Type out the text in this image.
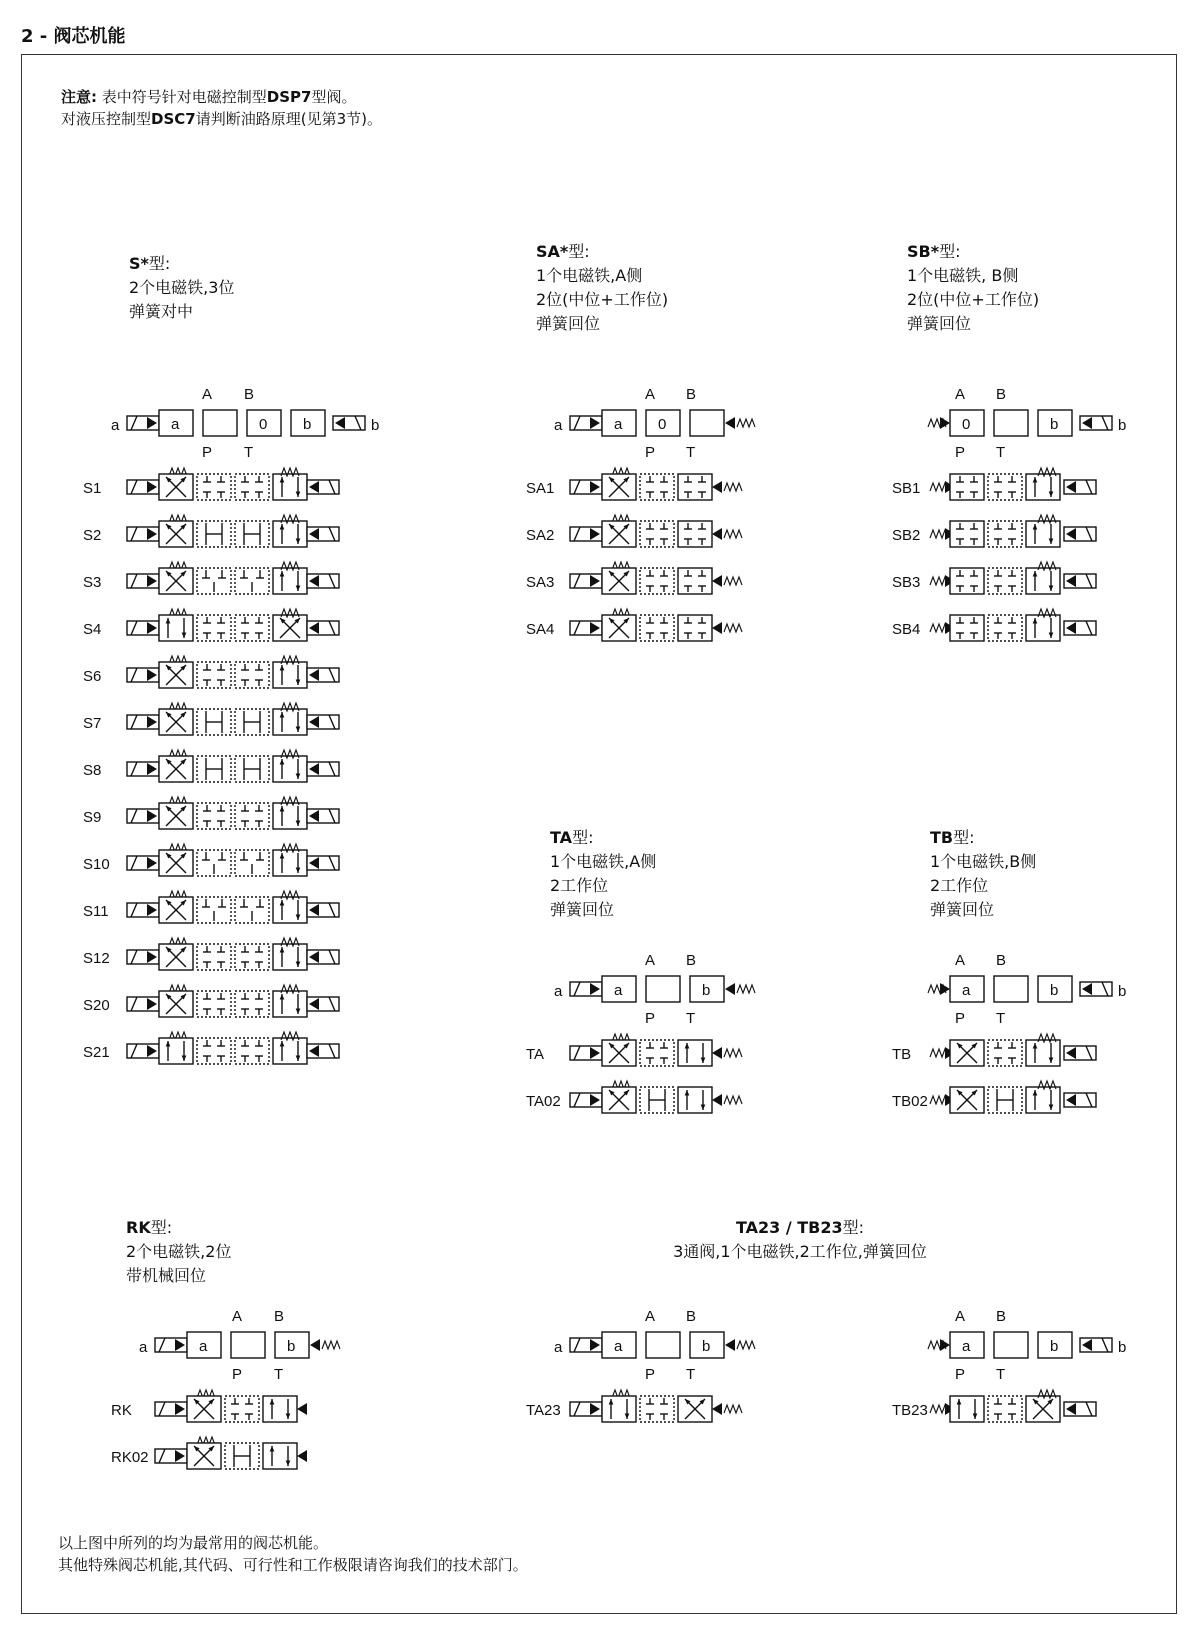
2 - 阀芯机能
注意: 表中符号针对电磁控制型DSP7型阀。
对液压控制型DSC7请判断油路原理(见第3节)。
S*型:
2个电磁铁,3位
弹簧对中
SA*型:
1个电磁铁,A侧
2位(中位+工作位)
弹簧回位
SB*型:
1个电磁铁, B侧
2位(中位+工作位)
弹簧回位
TA型:
1个电磁铁,A侧
2工作位
弹簧回位
TB型:
1个电磁铁,B侧
2工作位
弹簧回位
RK型:
2个电磁铁,2位
带机械回位
TA23 / TB23型:
3通阀,1个电磁铁,2工作位,弹簧回位
A B
P T
a	a	0 b	b
S1
S2
S3
S4
S6
S7
S8
S9
S10
S11
S12
S20
S21
A B
P T
a	a 0
SA1
SA2
SA3
SA4
A B
P T
0	b	b
SB1
SB2
SB3
SB4
A B
P T
a	a	b
TA
TA02
A B
P T
a	b	b
TB
TB02
A B
P T
a	a	b
RK
RK02
A B
P T
a	a	b
TA23
A B
P T
a	b	b
TB23
以上图中所列的均为最常用的阀芯机能。
其他特殊阀芯机能,其代码、可行性和工作极限请咨询我们的技术部门。
